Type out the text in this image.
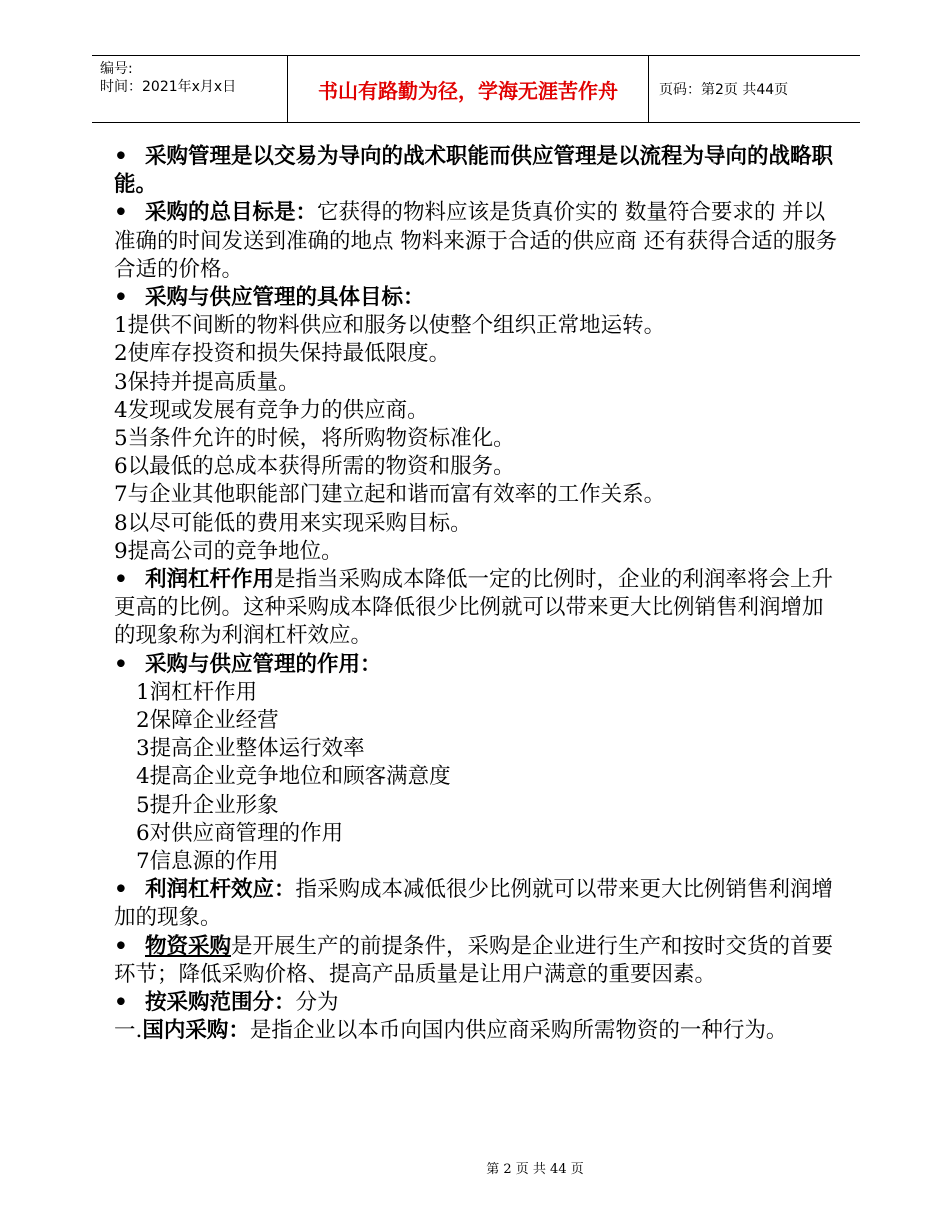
编号:
时间：2021年x月x日	书山有路勤为径，学海无涯苦作舟	页码：第2页 共44页

• 采购管理是以交易为导向的战术职能而供应管理是以流程为导向的战略职能。

• 采购的总目标是：它获得的物料应该是货真价实的 数量符合要求的 并以准确的时间发送到准确的地点 物料来源于合适的供应商 还有获得合适的服务 合适的价格。

• 采购与供应管理的具体目标：

1提供不间断的物料供应和服务以使整个组织正常地运转。

2使库存投资和损失保持最低限度。

3保持并提高质量。

4发现或发展有竞争力的供应商。

5当条件允许的时候，将所购物资标准化。

6以最低的总成本获得所需的物资和服务。

7与企业其他职能部门建立起和谐而富有效率的工作关系。

8以尽可能低的费用来实现采购目标。

9提高公司的竞争地位。

• 利润杠杆作用是指当采购成本降低一定的比例时，企业的利润率将会上升更高的比例。这种采购成本降低很少比例就可以带来更大比例销售利润增加的现象称为利润杠杆效应。

• 采购与供应管理的作用：

1润杠杆作用

2保障企业经营

3提高企业整体运行效率

4提高企业竞争地位和顾客满意度

5提升企业形象

6对供应商管理的作用

7信息源的作用

• 利润杠杆效应：指采购成本减低很少比例就可以带来更大比例销售利润增加的现象。

• 物资采购是开展生产的前提条件，采购是企业进行生产和按时交货的首要环节；降低采购价格、提高产品质量是让用户满意的重要因素。

• 按采购范围分：分为

一.国内采购：是指企业以本币向国内供应商采购所需物资的一种行为。

第 2 页 共 44 页
